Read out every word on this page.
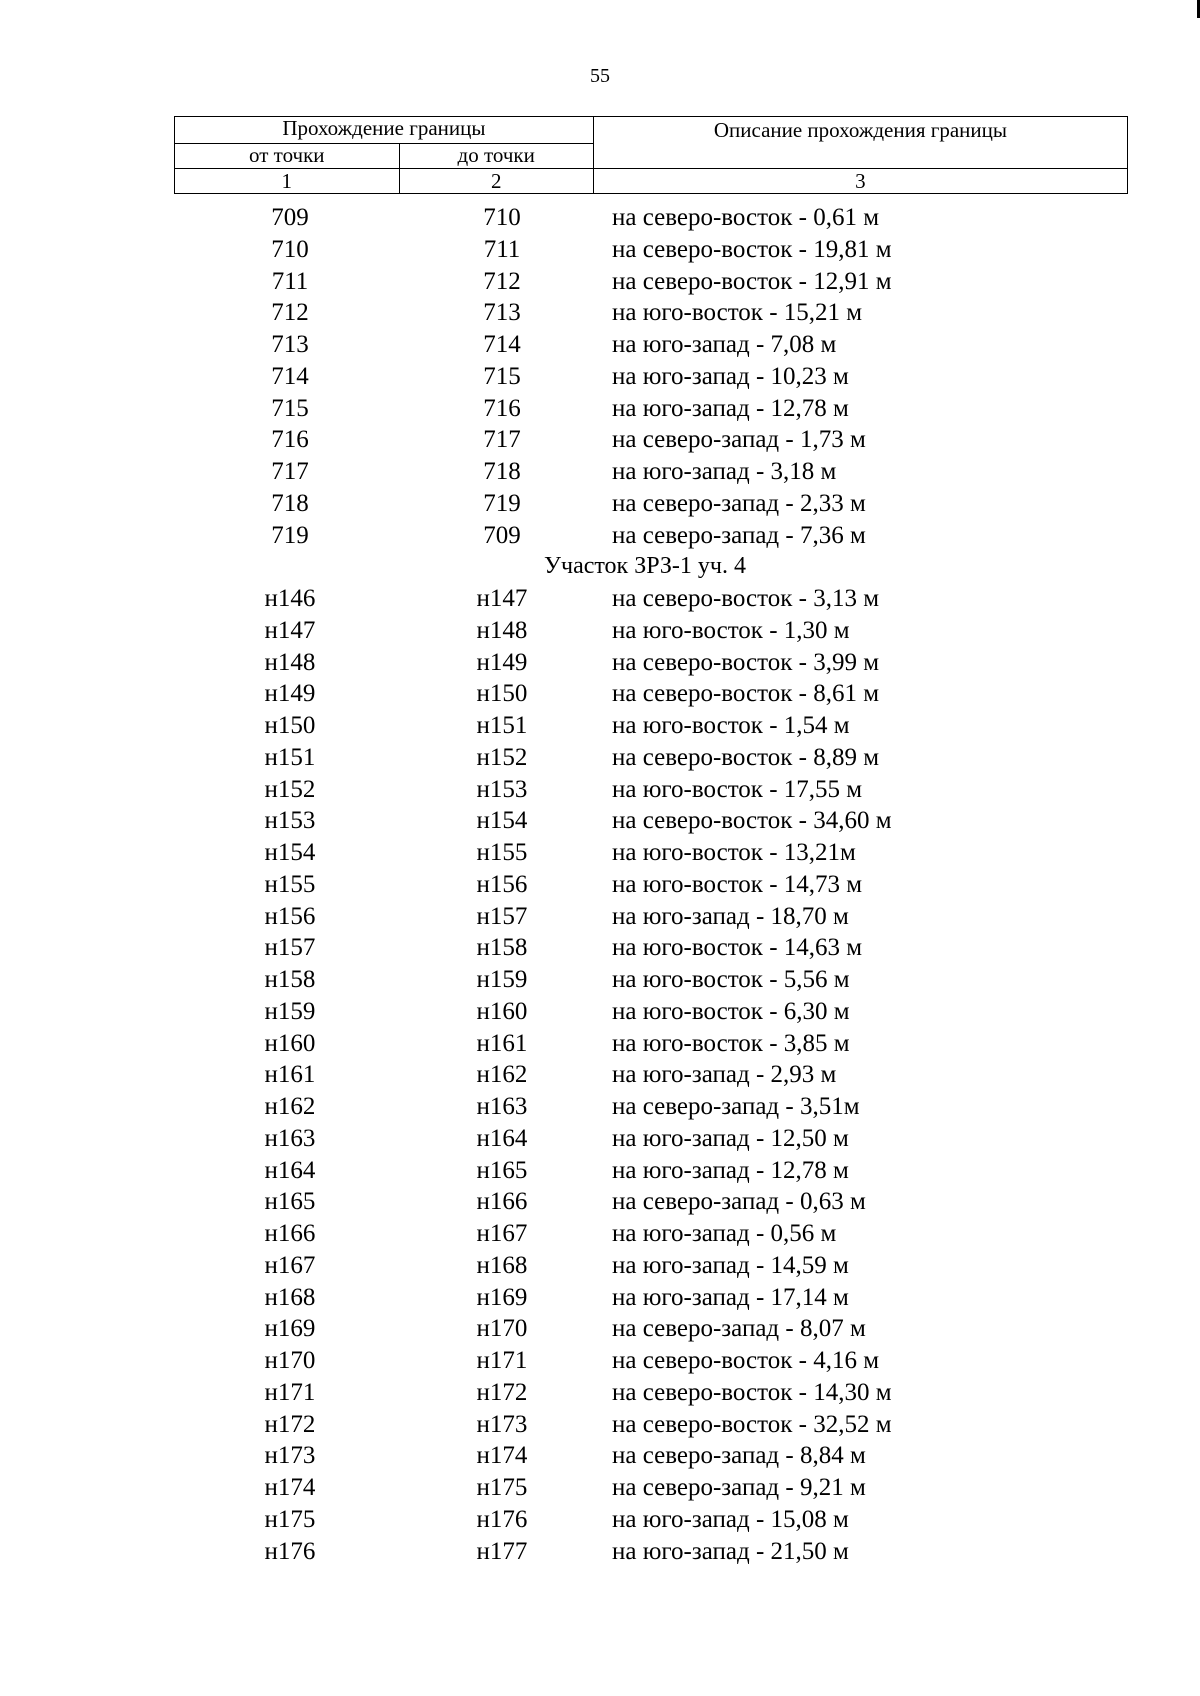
55
Прохождение границы		Описание прохождения границы
от точки	до точки	
1	2	3
709	710	на северо-восток - 0,61 м
710	711	на северо-восток - 19,81 м
711	712	на северо-восток - 12,91 м
712	713	на юго-восток - 15,21 м
713	714	на юго-запад - 7,08 м
714	715	на юго-запад - 10,23 м
715	716	на юго-запад - 12,78 м
716	717	на северо-запад - 1,73 м
717	718	на юго-запад - 3,18 м
718	719	на северо-запад - 2,33 м
719	709	на северо-запад - 7,36 м
Участок ЗРЗ-1 уч. 4
н146	н147	на северо-восток - 3,13 м
н147	н148	на юго-восток - 1,30 м
н148	н149	на северо-восток - 3,99 м
н149	н150	на северо-восток - 8,61 м
н150	н151	на юго-восток - 1,54 м
н151	н152	на северо-восток - 8,89 м
н152	н153	на юго-восток - 17,55 м
н153	н154	на северо-восток - 34,60 м
н154	н155	на юго-восток - 13,21м
н155	н156	на юго-восток - 14,73 м
н156	н157	на юго-запад - 18,70 м
н157	н158	на юго-восток - 14,63 м
н158	н159	на юго-восток - 5,56 м
н159	н160	на юго-восток - 6,30 м
н160	н161	на юго-восток - 3,85 м
н161	н162	на юго-запад - 2,93 м
н162	н163	на северо-запад - 3,51м
н163	н164	на юго-запад - 12,50 м
н164	н165	на юго-запад - 12,78 м
н165	н166	на северо-запад - 0,63 м
н166	н167	на юго-запад - 0,56 м
н167	н168	на юго-запад - 14,59 м
н168	н169	на юго-запад - 17,14 м
н169	н170	на северо-запад - 8,07 м
н170	н171	на северо-восток - 4,16 м
н171	н172	на северо-восток - 14,30 м
н172	н173	на северо-восток - 32,52 м
н173	н174	на северо-запад - 8,84 м
н174	н175	на северо-запад - 9,21 м
н175	н176	на юго-запад - 15,08 м
н176	н177	на юго-запад - 21,50 м
